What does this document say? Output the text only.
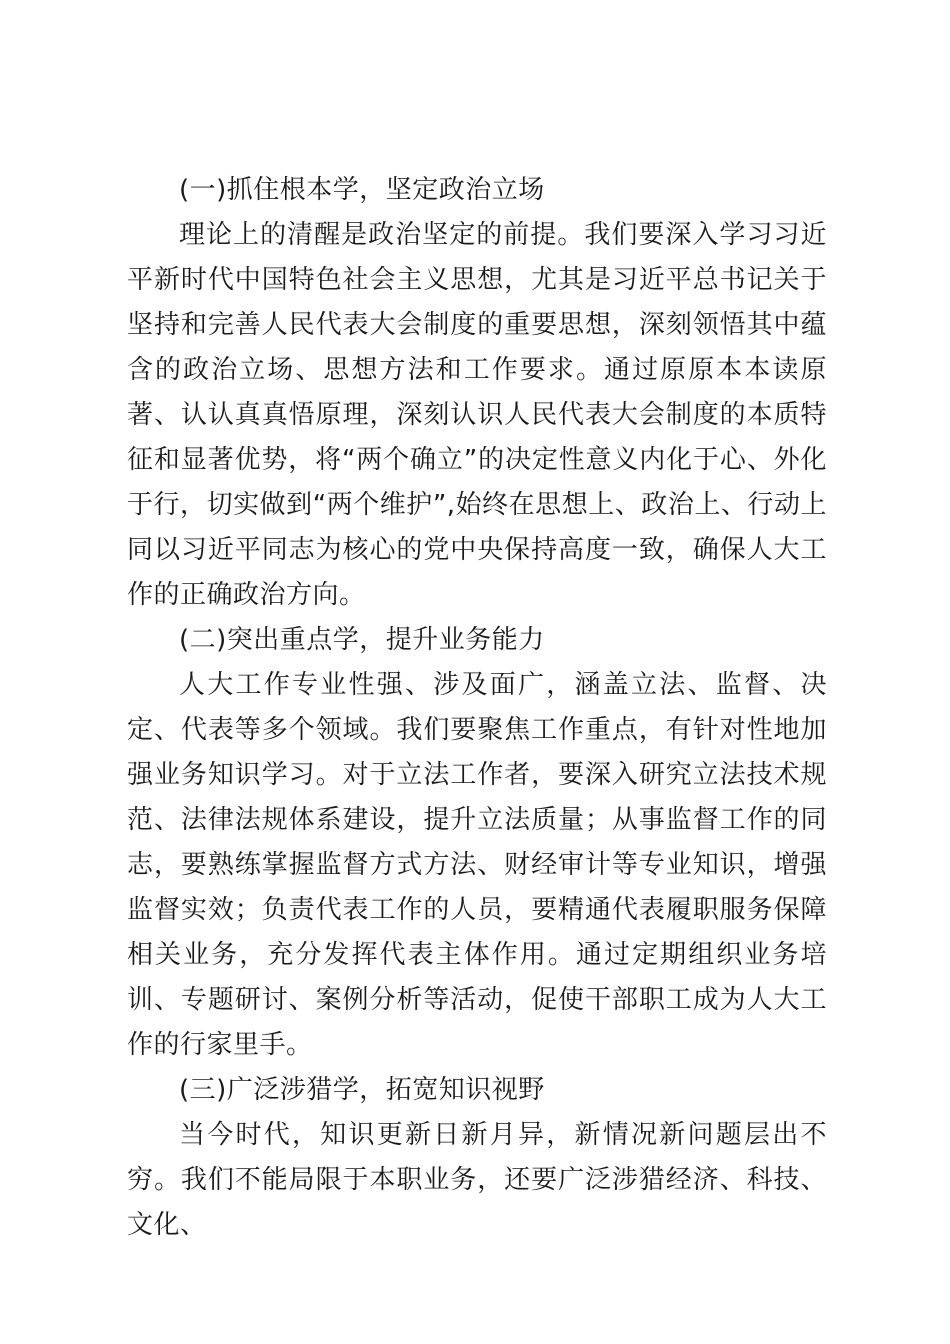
(一)抓住根本学，坚定政治立场

理论上的清醒是政治坚定的前提。我们要深入学习习近平新时代中国特色社会主义思想，尤其是习近平总书记关于坚持和完善人民代表大会制度的重要思想，深刻领悟其中蕴含的政治立场、思想方法和工作要求。通过原原本本读原著、认认真真悟原理，深刻认识人民代表大会制度的本质特征和显著优势，将“两个确立”的决定性意义内化于心、外化于行，切实做到“两个维护”,始终在思想上、政治上、行动上同以习近平同志为核心的党中央保持高度一致，确保人大工作的正确政治方向。

(二)突出重点学，提升业务能力

人大工作专业性强、涉及面广，涵盖立法、监督、决定、代表等多个领域。我们要聚焦工作重点，有针对性地加强业务知识学习。对于立法工作者，要深入研究立法技术规范、法律法规体系建设，提升立法质量；从事监督工作的同志，要熟练掌握监督方式方法、财经审计等专业知识，增强监督实效；负责代表工作的人员，要精通代表履职服务保障相关业务，充分发挥代表主体作用。通过定期组织业务培训、专题研讨、案例分析等活动，促使干部职工成为人大工作的行家里手。

(三)广泛涉猎学，拓宽知识视野

当今时代，知识更新日新月异，新情况新问题层出不穷。我们不能局限于本职业务，还要广泛涉猎经济、科技、文化、
